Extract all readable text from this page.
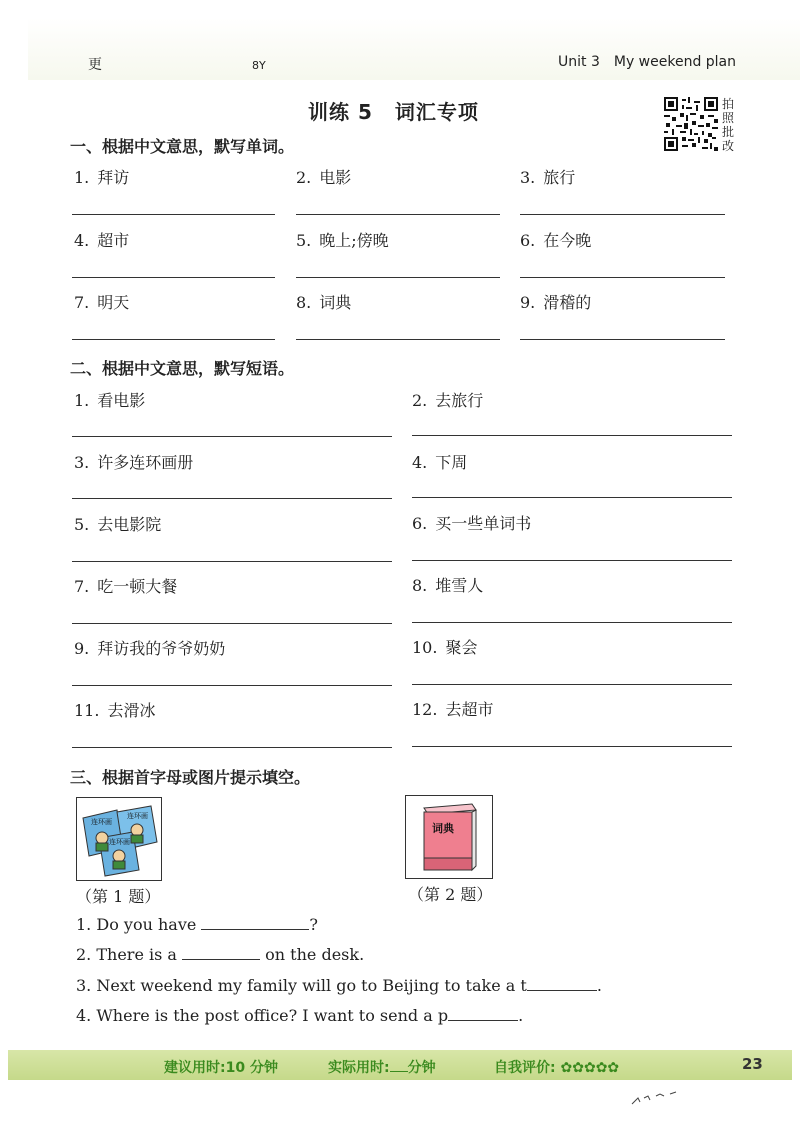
更	8Y	Unit 3 My weekend plan
训练 5 词汇专项	拍照批改
一、根据中文意思，默写单词。
1. 拜访	2. 电影	3. 旅行
4. 超市	5. 晚上;傍晚	6. 在今晚
7. 明天	8. 词典	9. 滑稽的
二、根据中文意思，默写短语。
1. 看电影	2. 去旅行
3. 许多连环画册	4. 下周
5. 去电影院	6. 买一些单词书
7. 吃一顿大餐	8. 堆雪人
9. 拜访我的爷爷奶奶	10. 聚会
11. 去滑冰	12. 去超市
三、根据首字母或图片提示填空。
连环画
连环画
连环画
（第 1 题）
词典
（第 2 题）
1. Do you have	?
2. There is a	on the desk.
3. Next weekend my family will go to Beijing to take a t	.
4. Where is the post office? I want to send a p	.
建议用时:10 分钟	实际用时: 分钟	自我评价: ✿✿✿✿✿	23
